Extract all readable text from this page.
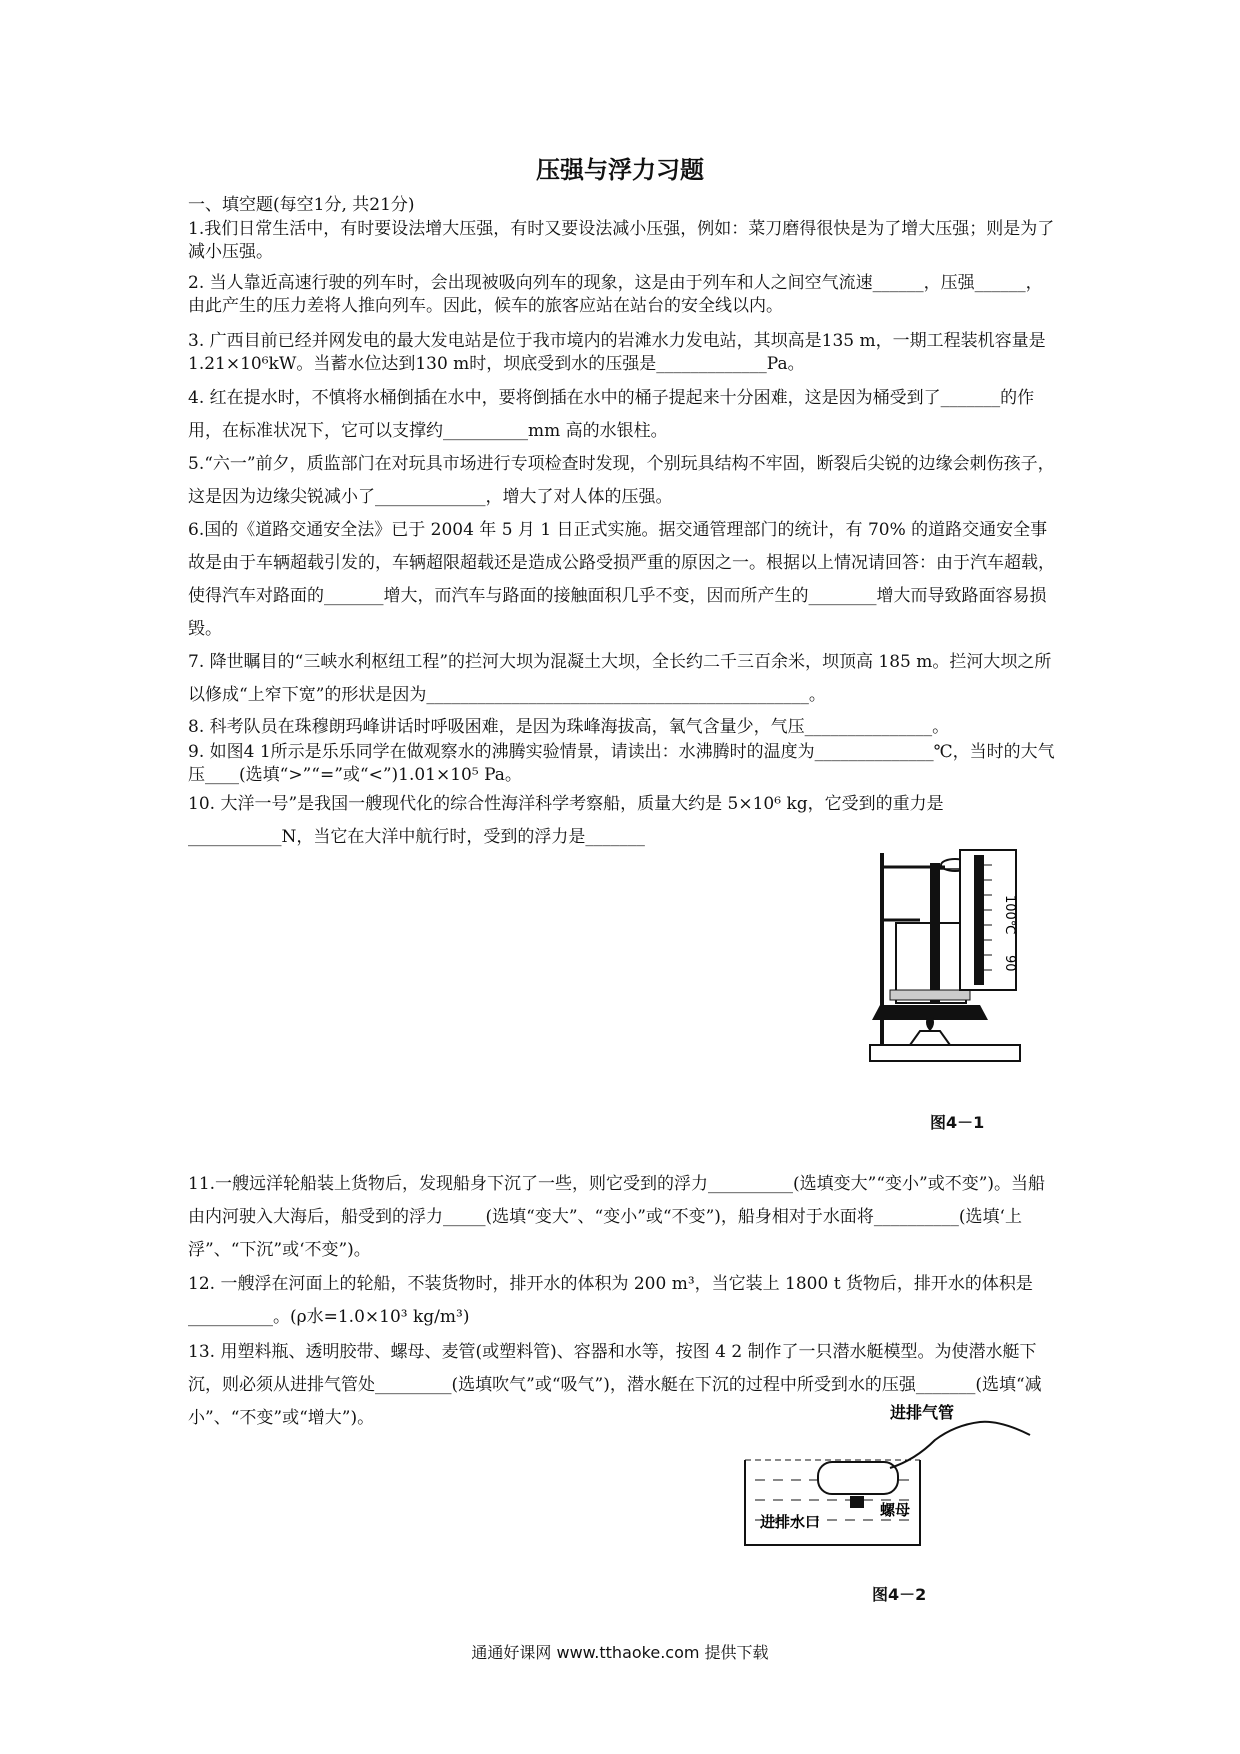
压强与浮力习题
一、填空题(每空1分, 共21分)
1.我们日常生活中，有时要设法增大压强，有时又要设法减小压强，例如：菜刀磨得很快是为了增大压强；则是为了减小压强。
2. 当人靠近高速行驶的列车时，会出现被吸向列车的现象，这是由于列车和人之间空气流速______，压强______，由此产生的压力差将人推向列车。因此，候车的旅客应站在站台的安全线以内。
3. 广西目前已经并网发电的最大发电站是位于我市境内的岩滩水力发电站，其坝高是135 m，一期工程装机容量是1.21×10⁶kW。当蓄水位达到130 m时，坝底受到水的压强是_____________Pa。
4. 红在提水时，不慎将水桶倒插在水中，要将倒插在水中的桶子提起来十分困难，这是因为桶受到了_______的作用，在标准状况下，它可以支撑约__________mm 高的水银柱。
5.“六一”前夕，质监部门在对玩具市场进行专项检查时发现，个别玩具结构不牢固，断裂后尖锐的边缘会刺伤孩子，这是因为边缘尖锐减小了_____________，增大了对人体的压强。
6.国的《道路交通安全法》已于 2004 年 5 月 1 日正式实施。据交通管理部门的统计，有 70% 的道路交通安全事故是由于车辆超载引发的，车辆超限超载还是造成公路受损严重的原因之一。根据以上情况请回答：由于汽车超载，使得汽车对路面的_______增大，而汽车与路面的接触面积几乎不变，因而所产生的________增大而导致路面容易损毁。
7. 降世瞩目的“三峡水利枢纽工程”的拦河大坝为混凝土大坝，全长约二千三百余米，坝顶高 185 m。拦河大坝之所以修成“上窄下宽”的形状是因为_____________________________________________。
8. 科考队员在珠穆朗玛峰讲话时呼吸困难，是因为珠峰海拔高，氧气含量少，气压_______________。
9. 如图4 1所示是乐乐同学在做观察水的沸腾实验情景，请读出：水沸腾时的温度为______________℃，当时的大气压____(选填“>”“=”或“<”)1.01×10⁵ Pa。
10. 大洋一号”是我国一艘现代化的综合性海洋科学考察船，质量大约是 5×10⁶ kg，它受到的重力是___________N，当它在大洋中航行时，受到的浮力是_______
100℃
90
图4－1
11.一艘远洋轮船装上货物后，发现船身下沉了一些，则它受到的浮力__________(选填变大”“变小”或不变”)。当船由内河驶入大海后，船受到的浮力_____(选填“变大”、“变小”或“不变”)，船身相对于水面将__________(选填‘上浮”、“下沉”或‘不变”)。
12. 一艘浮在河面上的轮船，不装货物时，排开水的体积为 200 m³，当它装上 1800 t 货物后，排开水的体积是__________。(ρ水=1.0×10³ kg/m³)
13. 用塑料瓶、透明胶带、螺母、麦管(或塑料管)、容器和水等，按图 4 2 制作了一只潜水艇模型。为使潜水艇下沉，则必须从进排气管处_________(选填吹气”或“吸气”)，潜水艇在下沉的过程中所受到水的压强_______(选填“减小”、“不变”或“增大”)。	进排气管
螺母
进排水口
图4－2
通通好课网 www.tthaoke.com 提供下载
